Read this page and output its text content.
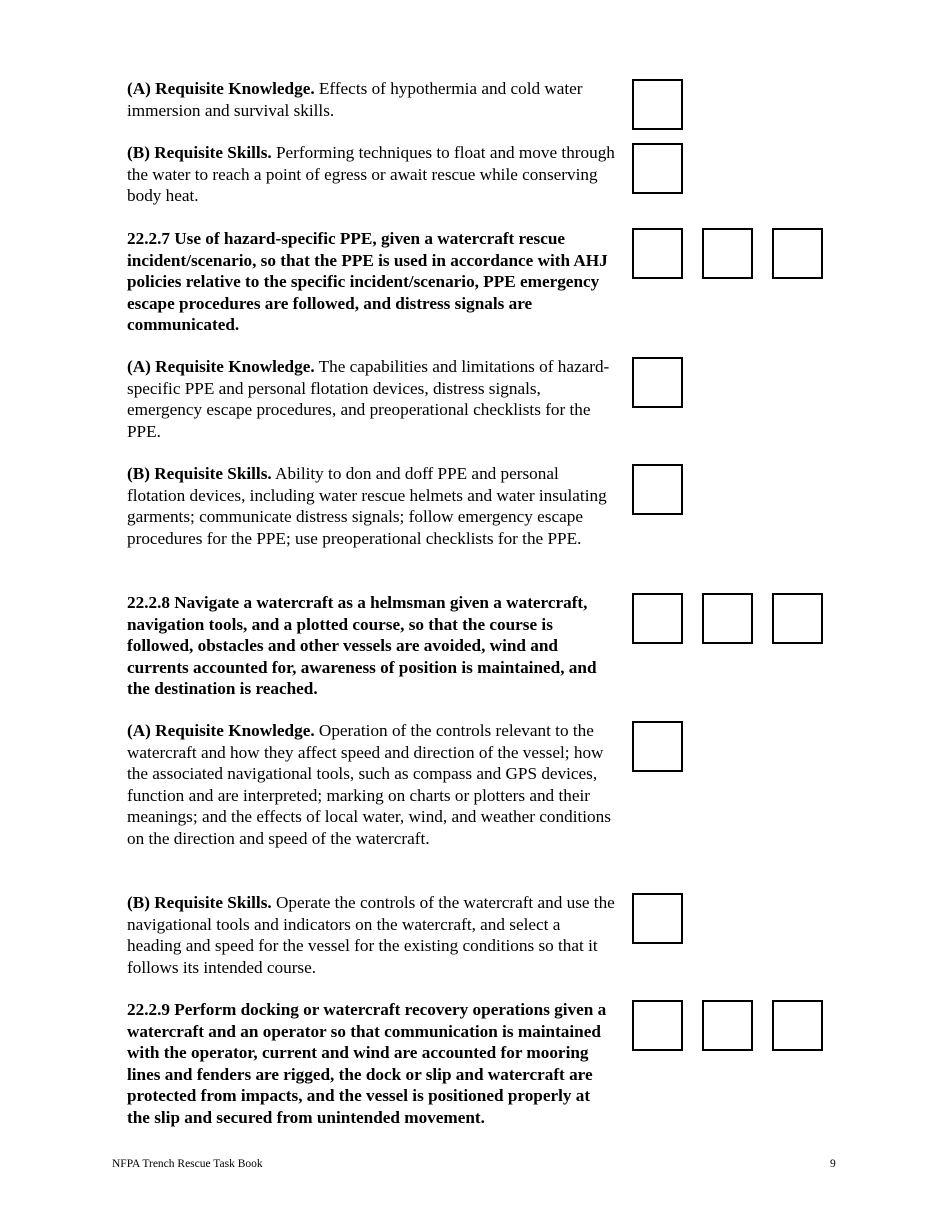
(A) Requisite Knowledge. Effects of hypothermia and cold water immersion and survival skills.

(B) Requisite Skills. Performing techniques to float and move through the water to reach a point of egress or await rescue while conserving body heat.

22.2.7 Use of hazard-specific PPE, given a watercraft rescue incident/scenario, so that the PPE is used in accordance with AHJ policies relative to the specific incident/scenario, PPE emergency escape procedures are followed, and distress signals are communicated.

(A) Requisite Knowledge. The capabilities and limitations of hazard-specific PPE and personal flotation devices, distress signals, emergency escape procedures, and preoperational checklists for the PPE.

(B) Requisite Skills. Ability to don and doff PPE and personal flotation devices, including water rescue helmets and water insulating garments; communicate distress signals; follow emergency escape procedures for the PPE; use preoperational checklists for the PPE.

22.2.8 Navigate a watercraft as a helmsman given a watercraft, navigation tools, and a plotted course, so that the course is followed, obstacles and other vessels are avoided, wind and currents accounted for, awareness of position is maintained, and the destination is reached.

(A) Requisite Knowledge. Operation of the controls relevant to the watercraft and how they affect speed and direction of the vessel; how the associated navigational tools, such as compass and GPS devices, function and are interpreted; marking on charts or plotters and their meanings; and the effects of local water, wind, and weather conditions on the direction and speed of the watercraft.

(B) Requisite Skills. Operate the controls of the watercraft and use the navigational tools and indicators on the watercraft, and select a heading and speed for the vessel for the existing conditions so that it follows its intended course.

22.2.9 Perform docking or watercraft recovery operations given a watercraft and an operator so that communication is maintained with the operator, current and wind are accounted for mooring lines and fenders are rigged, the dock or slip and watercraft are protected from impacts, and the vessel is positioned properly at the slip and secured from unintended movement.

NFPA Trench Rescue Task Book	9
